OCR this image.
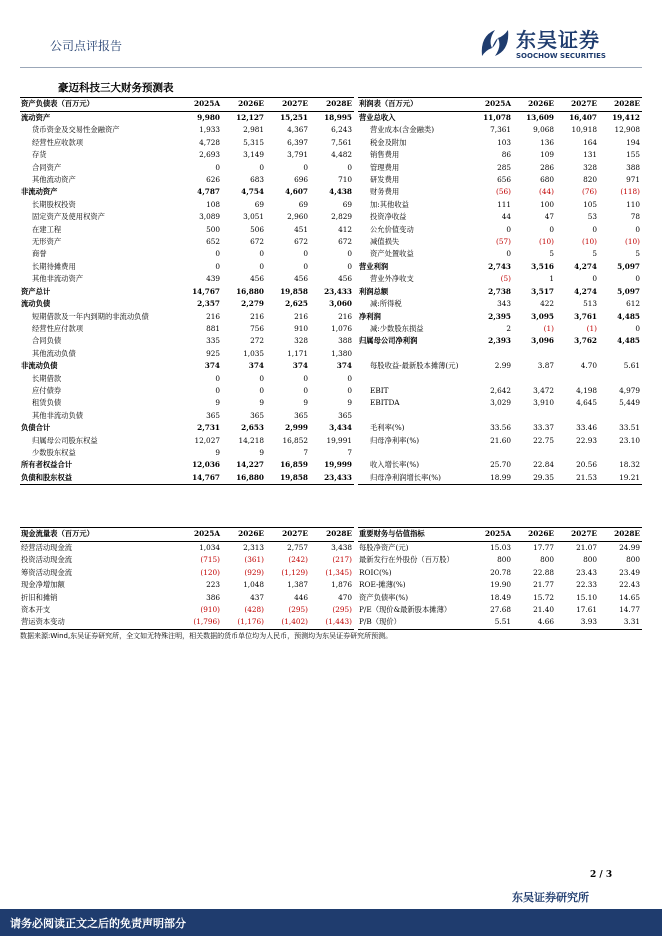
公司点评报告	东吴证券
SOOCHOW SECURITIES
豪迈科技三大财务预测表
资产负债表（百万元）	2025A	2026E	2027E	2028E
流动资产	9,980	12,127	15,251	18,995
货币资金及交易性金融资产	1,933	2,981	4,367	6,243
经营性应收款项	4,728	5,315	6,397	7,561
存货	2,693	3,149	3,791	4,482
合同资产	0	0	0	0
其他流动资产	626	683	696	710
非流动资产	4,787	4,754	4,607	4,438
长期股权投资	108	69	69	69
固定资产及使用权资产	3,089	3,051	2,960	2,829
在建工程	500	506	451	412
无形资产	652	672	672	672
商誉	0	0	0	0
长期待摊费用	0	0	0	0
其他非流动资产	439	456	456	456
资产总计	14,767	16,880	19,858	23,433
流动负债	2,357	2,279	2,625	3,060
短期借款及一年内到期的非流动负债	216	216	216	216
经营性应付款项	881	756	910	1,076
合同负债	335	272	328	388
其他流动负债	925	1,035	1,171	1,380
非流动负债	374	374	374	374
长期借款	0	0	0	0
应付债券	0	0	0	0
租赁负债	9	9	9	9
其他非流动负债	365	365	365	365
负债合计	2,731	2,653	2,999	3,434
归属母公司股东权益	12,027	14,218	16,852	19,991
少数股东权益	9	9	7	7
所有者权益合计	12,036	14,227	16,859	19,999
负债和股东权益	14,767	16,880	19,858	23,433
利润表（百万元）	2025A	2026E	2027E	2028E
营业总收入	11,078	13,609	16,407	19,412
营业成本(含金融类)	7,361	9,068	10,918	12,908
税金及附加	103	136	164	194
销售费用	86	109	131	155
管理费用	285	286	328	388
研发费用	656	680	820	971
财务费用	(56)	(44)	(76)	(118)
加:其他收益	111	100	105	110
投资净收益	44	47	53	78
公允价值变动	0	0	0	0
减值损失	(57)	(10)	(10)	(10)
资产处置收益	0	5	5	5
营业利润	2,743	3,516	4,274	5,097
营业外净收支	(5)	1	0	0
利润总额	2,738	3,517	4,274	5,097
减:所得税	343	422	513	612
净利润	2,395	3,095	3,761	4,485
减:少数股东损益	2	(1)	(1)	0
归属母公司净利润	2,393	3,096	3,762	4,485

每股收益-最新股本摊薄(元)	2.99	3.87	4.70	5.61

EBIT	2,642	3,472	4,198	4,979
EBITDA	3,029	3,910	4,645	5,449

毛利率(%)	33.56	33.37	33.46	33.51
归母净利率(%)	21.60	22.75	22.93	23.10

收入增长率(%)	25.70	22.84	20.56	18.32
归母净利润增长率(%)	18.99	29.35	21.53	19.21
现金流量表（百万元）	2025A	2026E	2027E	2028E
经营活动现金流	1,034	2,313	2,757	3,438
投资活动现金流	(715)	(361)	(242)	(217)
筹资活动现金流	(120)	(929)	(1,129)	(1,345)
现金净增加额	223	1,048	1,387	1,876
折旧和摊销	386	437	446	470
资本开支	(910)	(428)	(295)	(295)
营运资本变动	(1,796)	(1,176)	(1,402)	(1,443)
重要财务与估值指标	2025A	2026E	2027E	2028E
每股净资产(元)	15.03	17.77	21.07	24.99
最新发行在外股份（百万股）	800	800	800	800
ROIC(%)	20.78	22.88	23.43	23.49
ROE-摊薄(%)	19.90	21.77	22.33	22.43
资产负债率(%)	18.49	15.72	15.10	14.65
P/E（现价&最新股本摊薄）	27.68	21.40	17.61	14.77
P/B（现价）	5.51	4.66	3.93	3.31
数据来源:Wind,东吴证券研究所，全文如无特殊注明，相关数据的货币单位均为人民币，预测均为东吴证券研究所预测。
2 / 3
东吴证券研究所
请务必阅读正文之后的免责声明部分
